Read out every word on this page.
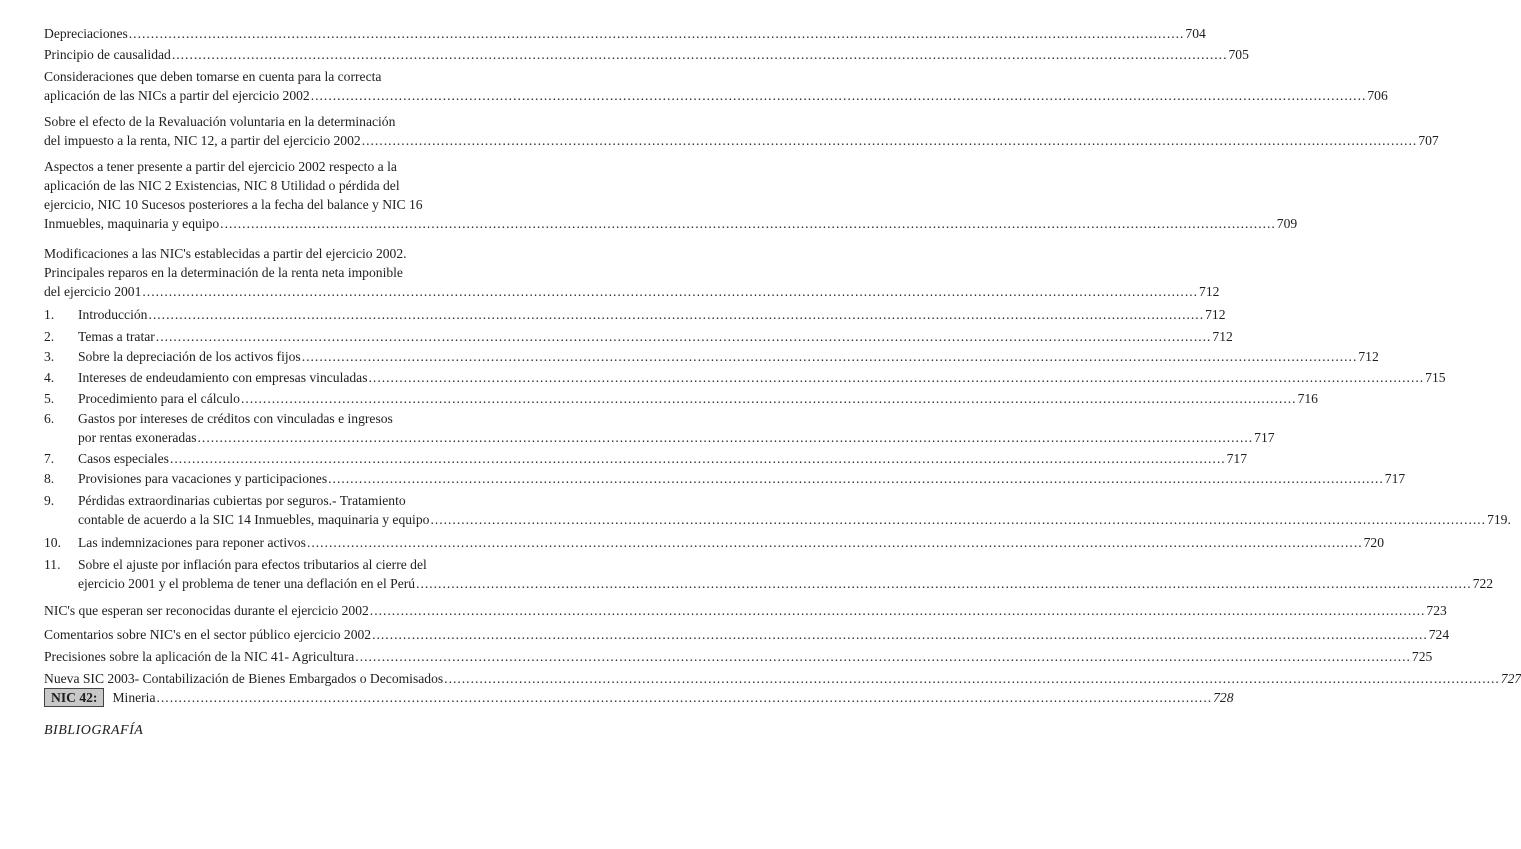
Depreciaciones .....	704
Principio de causalidad .....	705
Consideraciones que deben tomarse en cuenta para la correcta
aplicación de las NICs a partir del ejercicio 2002 .....	706
Sobre el efecto de la Revaluación voluntaria en la determinación
del impuesto a la renta, NIC 12, a partir del ejercicio 2002 .....	707
Aspectos a tener presente a partir del ejercicio 2002 respecto a la
aplicación de las NIC 2 Existencias, NIC 8 Utilidad o pérdida del
ejercicio, NIC 10 Sucesos posteriores a la fecha del balance y NIC 16
Inmuebles, maquinaria y equipo .....	709
Modificaciones a las NIC's establecidas a partir del ejercicio 2002.
Principales reparos en la determinación de la renta neta imponible
del ejercicio 2001 .....	712
1.	Introducción .....	712
2.	Temas a tratar .....	712
3.	Sobre la depreciación de los activos fijos .....	712
4.	Intereses de endeudamiento con empresas vinculadas .....	715
5.	Procedimiento para el cálculo .....	716
6.	Gastos por intereses de créditos con vinculadas e ingresos
por rentas exoneradas .....	717
7.	Casos especiales .....	717
8.	Provisiones para vacaciones y participaciones .....	717
9.	Pérdidas extraordinarias cubiertas por seguros.- Tratamiento
contable de acuerdo a la SIC 14 Inmuebles, maquinaria y equipo .....	719.
10.	Las indemnizaciones para reponer activos .....	720
11.	Sobre el ajuste por inflación para efectos tributarios al cierre del
ejercicio 2001 y el problema de tener una deflación en el Perú .....	722
NIC's que esperan ser reconocidas durante el ejercicio 2002 .....	723
Comentarios sobre NIC's en el sector público ejercicio 2002 .....	724
Precisiones sobre la aplicación de la NIC 41- Agricultura .....	725
Nueva SIC 2003- Contabilización de Bienes Embargados o Decomisados .....	727
NIC 42:	Mineria .....	728
BIBLIOGRAFÍA
